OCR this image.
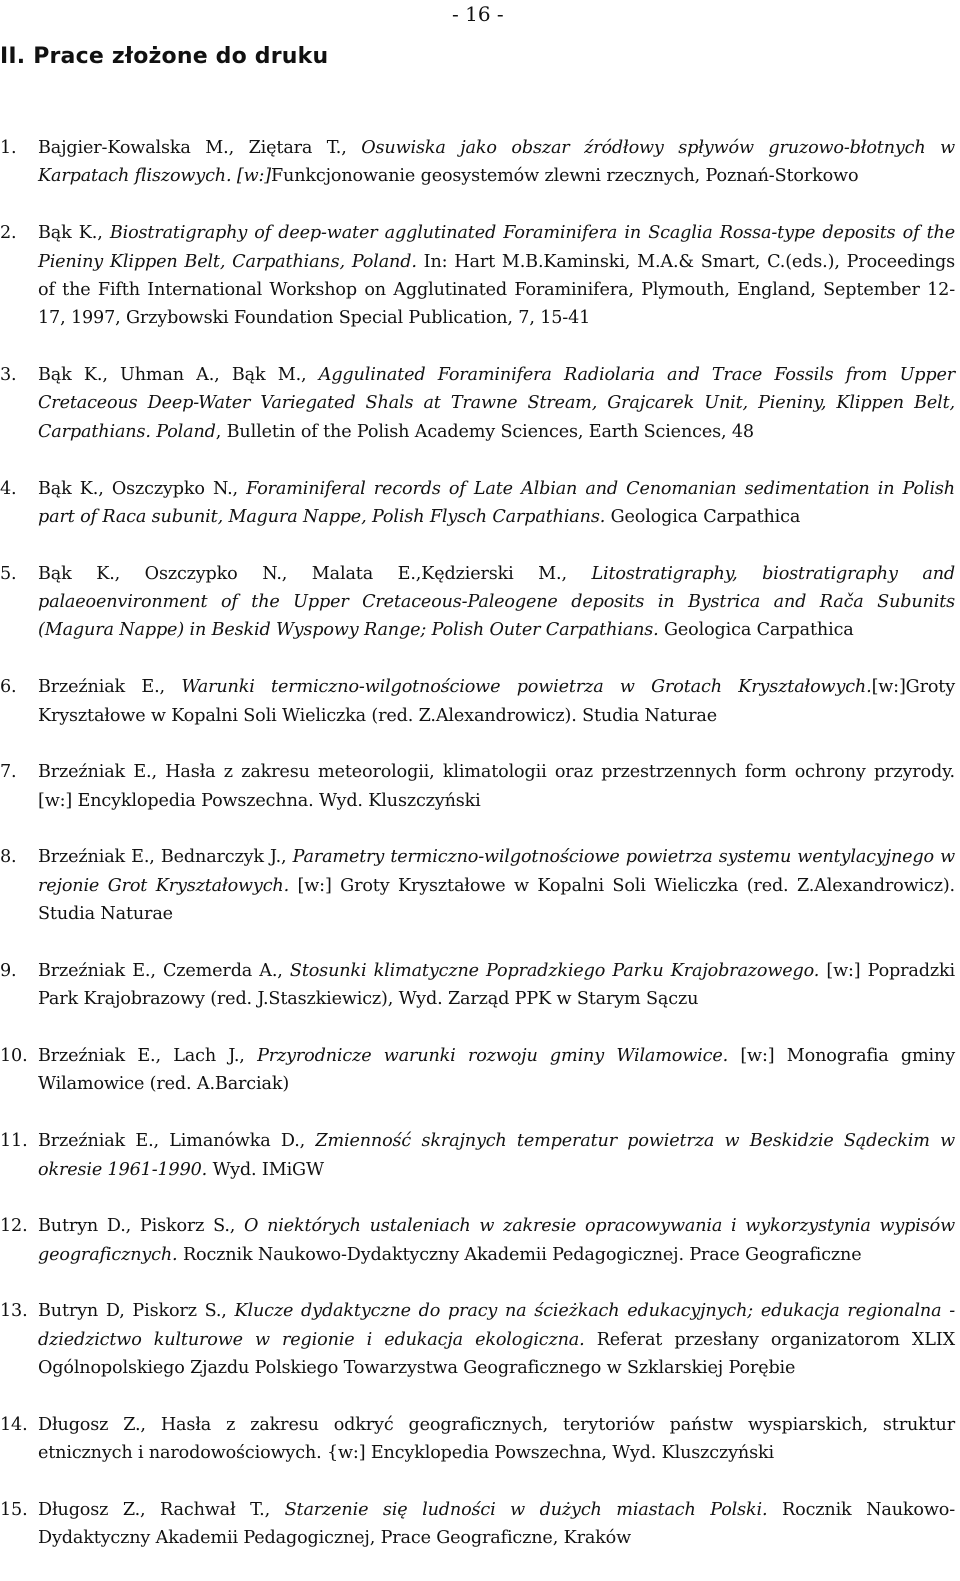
- 16 -
II. Prace złożone do druku
1. Bajgier-Kowalska M., Ziętara T., Osuwiska jako obszar źródłowy spływów gruzowo-błotnych w Karpatach fliszowych. [w:]Funkcjonowanie geosystemów zlewni rzecznych, Poznań-Storkowo
2. Bąk K., Biostratigraphy of deep-water agglutinated Foraminifera in Scaglia Rossa-type deposits of the Pieniny Klippen Belt, Carpathians, Poland. In: Hart M.B.Kaminski, M.A.& Smart, C.(eds.), Proceedings of the Fifth International Workshop on Agglutinated Foraminifera, Plymouth, England, September 12-17, 1997, Grzybowski Foundation Special Publication, 7, 15-41
3. Bąk K., Uhman A., Bąk M., Aggulinated Foraminifera Radiolaria and Trace Fossils from Upper Cretaceous Deep-Water Variegated Shals at Trawne Stream, Grajcarek Unit, Pieniny, Klippen Belt, Carpathians. Poland, Bulletin of the Polish Academy Sciences, Earth Sciences, 48
4. Bąk K., Oszczypko N., Foraminiferal records of Late Albian and Cenomanian sedimentation in Polish part of Raca subunit, Magura Nappe, Polish Flysch Carpathians. Geologica Carpathica
5. Bąk K., Oszczypko N., Malata E.,Kędzierski M., Litostratigraphy, biostratigraphy and palaeoenvironment of the Upper Cretaceous-Paleogene deposits in Bystrica and Rača Subunits (Magura Nappe) in Beskid Wyspowy Range; Polish Outer Carpathians. Geologica Carpathica
6. Brzeźniak E., Warunki termiczno-wilgotnościowe powietrza w Grotach Kryształowych.[w:]Groty Kryształowe w Kopalni Soli Wieliczka (red. Z.Alexandrowicz). Studia Naturae
7. Brzeźniak E., Hasła z zakresu meteorologii, klimatologii oraz przestrzennych form ochrony przyrody. [w:] Encyklopedia Powszechna. Wyd. Kluszczyński
8. Brzeźniak E., Bednarczyk J., Parametry termiczno-wilgotnościowe powietrza systemu wentylacyjnego w rejonie Grot Kryształowych. [w:] Groty Kryształowe w Kopalni Soli Wieliczka (red. Z.Alexandrowicz). Studia Naturae
9. Brzeźniak E., Czemerda A., Stosunki klimatyczne Popradzkiego Parku Krajobrazowego. [w:] Popradzki Park Krajobrazowy (red. J.Staszkiewicz), Wyd. Zarząd PPK w Starym Sączu
10. Brzeźniak E., Lach J., Przyrodnicze warunki rozwoju gminy Wilamowice. [w:] Monografia gminy Wilamowice (red. A.Barciak)
11. Brzeźniak E., Limanówka D., Zmienność skrajnych temperatur powietrza w Beskidzie Sądeckim w okresie 1961-1990. Wyd. IMiGW
12. Butryn D., Piskorz S., O niektórych ustaleniach w zakresie opracowywania i wykorzystynia wypisów geograficznych. Rocznik Naukowo-Dydaktyczny Akademii Pedagogicznej. Prace Geograficzne
13. Butryn D, Piskorz S., Klucze dydaktyczne do pracy na ścieżkach edukacyjnych; edukacja regionalna - dziedzictwo kulturowe w regionie i edukacja ekologiczna. Referat przesłany organizatorom XLIX Ogólnopolskiego Zjazdu Polskiego Towarzystwa Geograficznego w Szklarskiej Porębie
14. Długosz Z., Hasła z zakresu odkryć geograficznych, terytoriów państw wyspiarskich, struktur etnicznych i narodowościowych. {w:] Encyklopedia Powszechna, Wyd. Kluszczyński
15. Długosz Z., Rachwał T., Starzenie się ludności w dużych miastach Polski. Rocznik Naukowo-Dydaktyczny Akademii Pedagogicznej, Prace Geograficzne, Kraków
